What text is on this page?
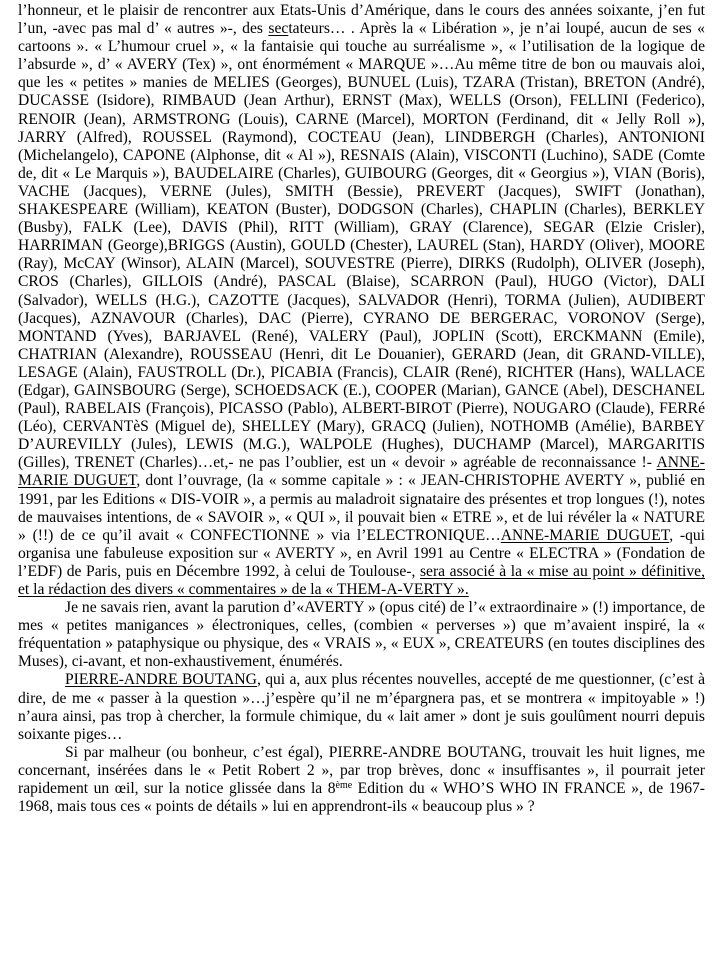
l’honneur, et le plaisir de rencontrer aux Etats-Unis d’Amérique, dans le cours des années soixante, j’en fut l’un, -avec pas mal d’ « autres »-, des sectateurs… . Après la « Libération », je n’ai loupé, aucun de ses « cartoons ». « L’humour cruel », « la fantaisie qui touche au surréalisme », « l’utilisation de la logique de l’absurde », d’ « AVERY (Tex) », ont énormément « MARQUE »…Au même titre de bon ou mauvais aloi, que les « petites » manies de MELIES (Georges), BUNUEL (Luis), TZARA (Tristan), BRETON (André), DUCASSE (Isidore), RIMBAUD (Jean Arthur), ERNST (Max), WELLS (Orson), FELLINI (Federico), RENOIR (Jean), ARMSTRONG (Louis), CARNE (Marcel), MORTON (Ferdinand, dit « Jelly Roll »), JARRY (Alfred), ROUSSEL (Raymond), COCTEAU (Jean), LINDBERGH (Charles), ANTONIONI (Michelangelo), CAPONE (Alphonse, dit « Al »), RESNAIS (Alain), VISCONTI (Luchino), SADE (Comte de, dit « Le Marquis »), BAUDELAIRE (Charles), GUIBOURG (Georges, dit « Georgius »), VIAN (Boris), VACHE (Jacques), VERNE (Jules), SMITH (Bessie), PREVERT (Jacques), SWIFT (Jonathan), SHAKESPEARE (William), KEATON (Buster), DODGSON (Charles), CHAPLIN (Charles), BERKLEY (Busby), FALK (Lee), DAVIS (Phil), RITT (William), GRAY (Clarence), SEGAR (Elzie Crisler), HARRIMAN (George),BRIGGS (Austin), GOULD (Chester), LAUREL (Stan), HARDY (Oliver), MOORE (Ray), McCAY (Winsor), ALAIN (Marcel), SOUVESTRE (Pierre), DIRKS (Rudolph), OLIVER (Joseph), CROS (Charles), GILLOIS (André), PASCAL (Blaise), SCARRON (Paul), HUGO (Victor), DALI (Salvador), WELLS (H.G.), CAZOTTE (Jacques), SALVADOR (Henri), TORMA (Julien), AUDIBERT (Jacques), AZNAVOUR (Charles), DAC (Pierre), CYRANO DE BERGERAC, VORONOV (Serge), MONTAND (Yves), BARJAVEL (René), VALERY (Paul), JOPLIN (Scott), ERCKMANN (Emile), CHATRIAN (Alexandre), ROUSSEAU (Henri, dit Le Douanier), GERARD (Jean, dit GRAND-VILLE), LESAGE (Alain), FAUSTROLL (Dr.), PICABIA (Francis), CLAIR (René), RICHTER (Hans), WALLACE (Edgar), GAINSBOURG (Serge), SCHOEDSACK (E.), COOPER (Marian), GANCE (Abel), DESCHANEL (Paul), RABELAIS (François), PICASSO (Pablo), ALBERT-BIROT (Pierre), NOUGARO (Claude), FERRé (Léo), CERVANTèS (Miguel de), SHELLEY (Mary), GRACQ (Julien), NOTHOMB (Amélie), BARBEY D’AUREVILLY (Jules), LEWIS (M.G.), WALPOLE (Hughes), DUCHAMP (Marcel), MARGARITIS (Gilles), TRENET (Charles)…et,- ne pas l’oublier, est un « devoir » agréable de reconnaissance !- ANNE-MARIE DUGUET, dont l’ouvrage, (la « somme capitale » : « JEAN-CHRISTOPHE AVERTY », publié en 1991, par les Editions « DIS-VOIR », a permis au maladroit signataire des présentes et trop longues (!), notes de mauvaises intentions, de « SAVOIR », « QUI », il pouvait bien « ETRE », et de lui révéler la « NATURE » (!!) de ce qu’il avait « CONFECTIONNE » via l’ELECTRONIQUE…ANNE-MARIE DUGUET, -qui organisa une fabuleuse exposition sur « AVERTY », en Avril 1991 au Centre « ELECTRA » (Fondation de l’EDF) de Paris, puis en Décembre 1992, à celui de Toulouse-, sera associé à la « mise au point » définitive, et la rédaction des divers « commentaires » de la « THEM-A-VERTY ».

Je ne savais rien, avant la parution d’«AVERTY » (opus cité) de l’« extraordinaire » (!) importance, de mes « petites manigances » électroniques, celles, (combien « perverses ») que m’avaient inspiré, la « fréquentation » pataphysique ou physique, des « VRAIS », « EUX », CREATEURS (en toutes disciplines des Muses), ci-avant, et non-exhaustivement, énumérés.

PIERRE-ANDRE BOUTANG, qui a, aux plus récentes nouvelles, accepté de me questionner, (c’est à dire, de me « passer à la question »…j’espère qu’il ne m’épargnera pas, et se montrera « impitoyable » !) n’aura ainsi, pas trop à chercher, la formule chimique, du « lait amer » dont je suis goulûment nourri depuis soixante piges…

Si par malheur (ou bonheur, c’est égal), PIERRE-ANDRE BOUTANG, trouvait les huit lignes, me concernant, insérées dans le « Petit Robert 2 », par trop brèves, donc « insuffisantes », il pourrait jeter rapidement un œil, sur la notice glissée dans la 8ème Edition du « WHO’S WHO IN FRANCE », de 1967-1968, mais tous ces « points de détails » lui en apprendront-ils « beaucoup plus » ?
